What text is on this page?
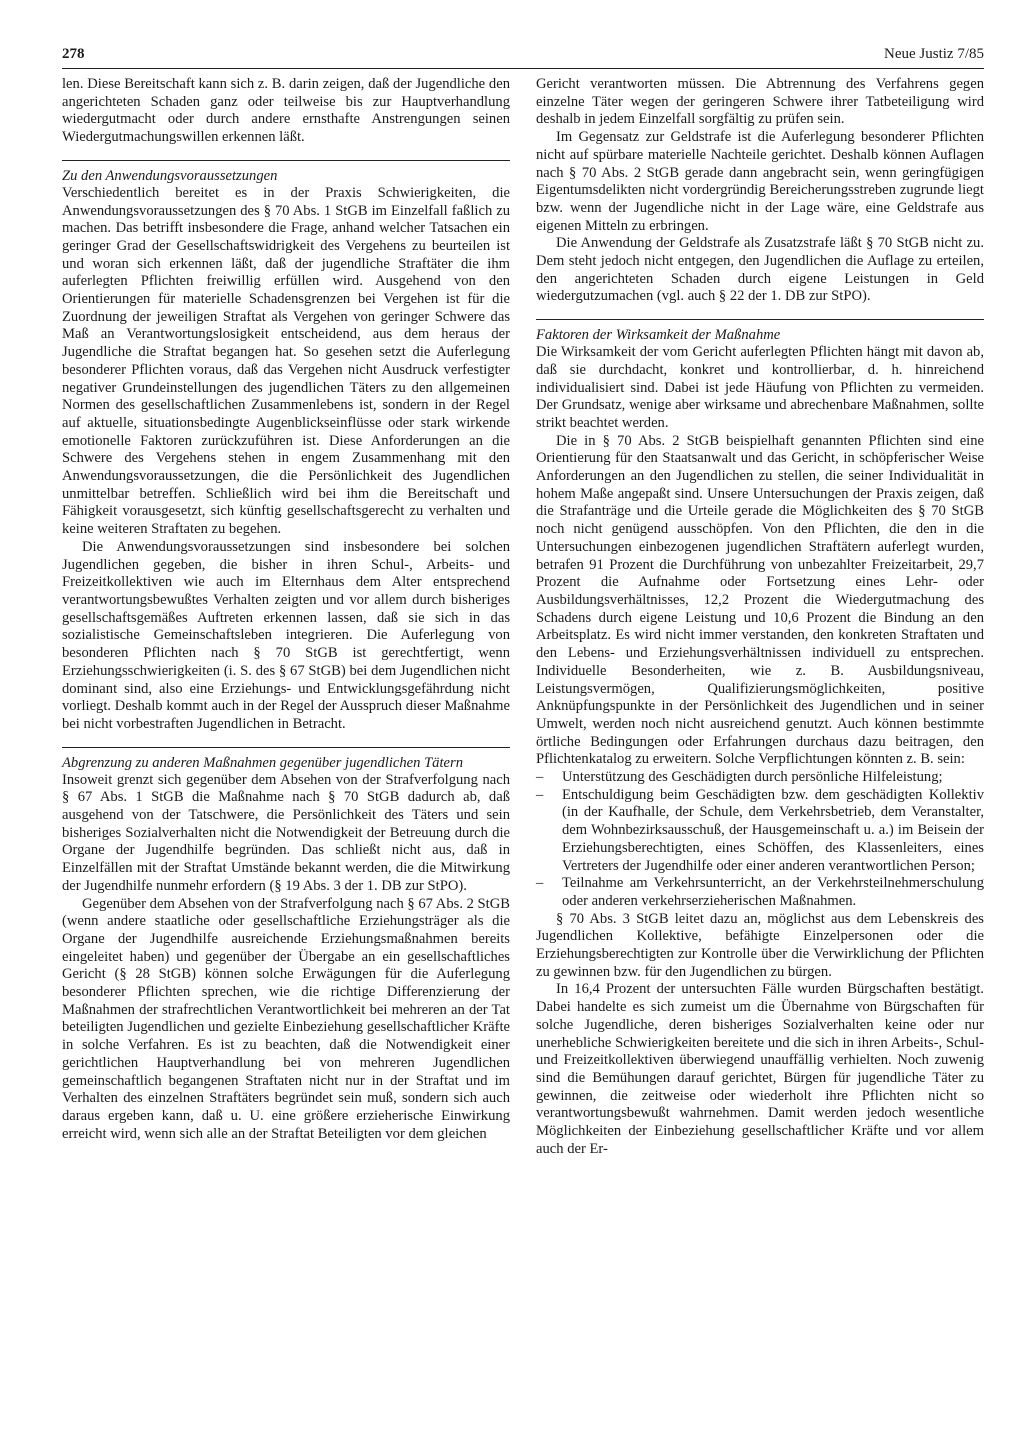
278	Neue Justiz 7/85

len. Diese Bereitschaft kann sich z. B. darin zeigen, daß der Jugendliche den angerichteten Schaden ganz oder teilweise bis zur Hauptverhandlung wiedergutmacht oder durch andere ernsthafte Anstrengungen seinen Wiedergutmachungswillen erkennen läßt.

Zu den Anwendungsvoraussetzungen

Verschiedentlich bereitet es in der Praxis Schwierigkeiten, die Anwendungsvoraussetzungen des § 70 Abs. 1 StGB im Einzelfall faßlich zu machen. Das betrifft insbesondere die Frage, anhand welcher Tatsachen ein geringer Grad der Gesellschaftswidrigkeit des Vergehens zu beurteilen ist und woran sich erkennen läßt, daß der jugendliche Straftäter die ihm auferlegten Pflichten freiwillig erfüllen wird. Ausgehend von den Orientierungen für materielle Schadensgrenzen bei Vergehen ist für die Zuordnung der jeweiligen Straftat als Vergehen von geringer Schwere das Maß an Verantwortungslosigkeit entscheidend, aus dem heraus der Jugendliche die Straftat begangen hat. So gesehen setzt die Auferlegung besonderer Pflichten voraus, daß das Vergehen nicht Ausdruck verfestigter negativer Grundeinstellungen des jugendlichen Täters zu den allgemeinen Normen des gesellschaftlichen Zusammenlebens ist, sondern in der Regel auf aktuelle, situationsbedingte Augenblickseinflüsse oder stark wirkende emotionelle Faktoren zurückzuführen ist. Diese Anforderungen an die Schwere des Vergehens stehen in engem Zusammenhang mit den Anwendungsvoraussetzungen, die die Persönlichkeit des Jugendlichen unmittelbar betreffen. Schließlich wird bei ihm die Bereitschaft und Fähigkeit vorausgesetzt, sich künftig gesellschaftsgerecht zu verhalten und keine weiteren Straftaten zu begehen.

Die Anwendungsvoraussetzungen sind insbesondere bei solchen Jugendlichen gegeben, die bisher in ihren Schul-, Arbeits- und Freizeitkollektiven wie auch im Elternhaus dem Alter entsprechend verantwortungsbewußtes Verhalten zeigten und vor allem durch bisheriges gesellschaftsgemäßes Auftreten erkennen lassen, daß sie sich in das sozialistische Gemeinschaftsleben integrieren. Die Auferlegung von besonderen Pflichten nach § 70 StGB ist gerechtfertigt, wenn Erziehungsschwierigkeiten (i. S. des § 67 StGB) bei dem Jugendlichen nicht dominant sind, also eine Erziehungs- und Entwicklungsgefährdung nicht vorliegt. Deshalb kommt auch in der Regel der Ausspruch dieser Maßnahme bei nicht vorbestraften Jugendlichen in Betracht.

Abgrenzung zu anderen Maßnahmen gegenüber jugendlichen Tätern

Insoweit grenzt sich gegenüber dem Absehen von der Strafverfolgung nach § 67 Abs. 1 StGB die Maßnahme nach § 70 StGB dadurch ab, daß ausgehend von der Tatschwere, die Persönlichkeit des Täters und sein bisheriges Sozialverhalten nicht die Notwendigkeit der Betreuung durch die Organe der Jugendhilfe begründen. Das schließt nicht aus, daß in Einzelfällen mit der Straftat Umstände bekannt werden, die die Mitwirkung der Jugendhilfe nunmehr erfordern (§ 19 Abs. 3 der 1. DB zur StPO).

Gegenüber dem Absehen von der Strafverfolgung nach § 67 Abs. 2 StGB (wenn andere staatliche oder gesellschaftliche Erziehungsträger als die Organe der Jugendhilfe ausreichende Erziehungsmaßnahmen bereits eingeleitet haben) und gegenüber der Übergabe an ein gesellschaftliches Gericht (§ 28 StGB) können solche Erwägungen für die Auferlegung besonderer Pflichten sprechen, wie die richtige Differenzierung der Maßnahmen der strafrechtlichen Verantwortlichkeit bei mehreren an der Tat beteiligten Jugendlichen und gezielte Einbeziehung gesellschaftlicher Kräfte in solche Verfahren. Es ist zu beachten, daß die Notwendigkeit einer gerichtlichen Hauptverhandlung bei von mehreren Jugendlichen gemeinschaftlich begangenen Straftaten nicht nur in der Straftat und im Verhalten des einzelnen Straftäters begründet sein muß, sondern sich auch daraus ergeben kann, daß u. U. eine größere erzieherische Einwirkung erreicht wird, wenn sich alle an der Straftat Beteiligten vor dem gleichen

Gericht verantworten müssen. Die Abtrennung des Verfahrens gegen einzelne Täter wegen der geringeren Schwere ihrer Tatbeteiligung wird deshalb in jedem Einzelfall sorgfältig zu prüfen sein.

Im Gegensatz zur Geldstrafe ist die Auferlegung besonderer Pflichten nicht auf spürbare materielle Nachteile gerichtet. Deshalb können Auflagen nach § 70 Abs. 2 StGB gerade dann angebracht sein, wenn geringfügigen Eigentumsdelikten nicht vordergründig Bereicherungsstreben zugrunde liegt bzw. wenn der Jugendliche nicht in der Lage wäre, eine Geldstrafe aus eigenen Mitteln zu erbringen.

Die Anwendung der Geldstrafe als Zusatzstrafe läßt § 70 StGB nicht zu. Dem steht jedoch nicht entgegen, den Jugendlichen die Auflage zu erteilen, den angerichteten Schaden durch eigene Leistungen in Geld wiedergutzumachen (vgl. auch § 22 der 1. DB zur StPO).

Faktoren der Wirksamkeit der Maßnahme

Die Wirksamkeit der vom Gericht auferlegten Pflichten hängt mit davon ab, daß sie durchdacht, konkret und kontrollierbar, d. h. hinreichend individualisiert sind. Dabei ist jede Häufung von Pflichten zu vermeiden. Der Grundsatz, wenige aber wirksame und abrechenbare Maßnahmen, sollte strikt beachtet werden.

Die in § 70 Abs. 2 StGB beispielhaft genannten Pflichten sind eine Orientierung für den Staatsanwalt und das Gericht, in schöpferischer Weise Anforderungen an den Jugendlichen zu stellen, die seiner Individualität in hohem Maße angepaßt sind. Unsere Untersuchungen der Praxis zeigen, daß die Strafanträge und die Urteile gerade die Möglichkeiten des § 70 StGB noch nicht genügend ausschöpfen. Von den Pflichten, die den in die Untersuchungen einbezogenen jugendlichen Straftätern auferlegt wurden, betrafen 91 Prozent die Durchführung von unbezahlter Freizeitarbeit, 29,7 Prozent die Aufnahme oder Fortsetzung eines Lehr- oder Ausbildungsverhältnisses, 12,2 Prozent die Wiedergutmachung des Schadens durch eigene Leistung und 10,6 Prozent die Bindung an den Arbeitsplatz. Es wird nicht immer verstanden, den konkreten Straftaten und den Lebens- und Erziehungsverhältnissen individuell zu entsprechen. Individuelle Besonderheiten, wie z. B. Ausbildungsniveau, Leistungsvermögen, Qualifizierungsmöglichkeiten, positive Anknüpfungspunkte in der Persönlichkeit des Jugendlichen und in seiner Umwelt, werden noch nicht ausreichend genutzt. Auch können bestimmte örtliche Bedingungen oder Erfahrungen durchaus dazu beitragen, den Pflichtenkatalog zu erweitern. Solche Verpflichtungen könnten z. B. sein:

– Unterstützung des Geschädigten durch persönliche Hilfeleistung;

– Entschuldigung beim Geschädigten bzw. dem geschädigten Kollektiv (in der Kaufhalle, der Schule, dem Verkehrsbetrieb, dem Veranstalter, dem Wohnbezirksausschuß, der Hausgemeinschaft u. a.) im Beisein der Erziehungsberechtigten, eines Schöffen, des Klassenleiters, eines Vertreters der Jugendhilfe oder einer anderen verantwortlichen Person;

– Teilnahme am Verkehrsunterricht, an der Verkehrsteilnehmerschulung oder anderen verkehrserzieherischen Maßnahmen.

§ 70 Abs. 3 StGB leitet dazu an, möglichst aus dem Lebenskreis des Jugendlichen Kollektive, befähigte Einzelpersonen oder die Erziehungsberechtigten zur Kontrolle über die Verwirklichung der Pflichten zu gewinnen bzw. für den Jugendlichen zu bürgen.

In 16,4 Prozent der untersuchten Fälle wurden Bürgschaften bestätigt. Dabei handelte es sich zumeist um die Übernahme von Bürgschaften für solche Jugendliche, deren bisheriges Sozialverhalten keine oder nur unerhebliche Schwierigkeiten bereitete und die sich in ihren Arbeits-, Schul- und Freizeitkollektiven überwiegend unauffällig verhielten. Noch zuwenig sind die Bemühungen darauf gerichtet, Bürgen für jugendliche Täter zu gewinnen, die zeitweise oder wiederholt ihre Pflichten nicht so verantwortungsbewußt wahrnehmen. Damit werden jedoch wesentliche Möglichkeiten der Einbeziehung gesellschaftlicher Kräfte und vor allem auch der Er-
